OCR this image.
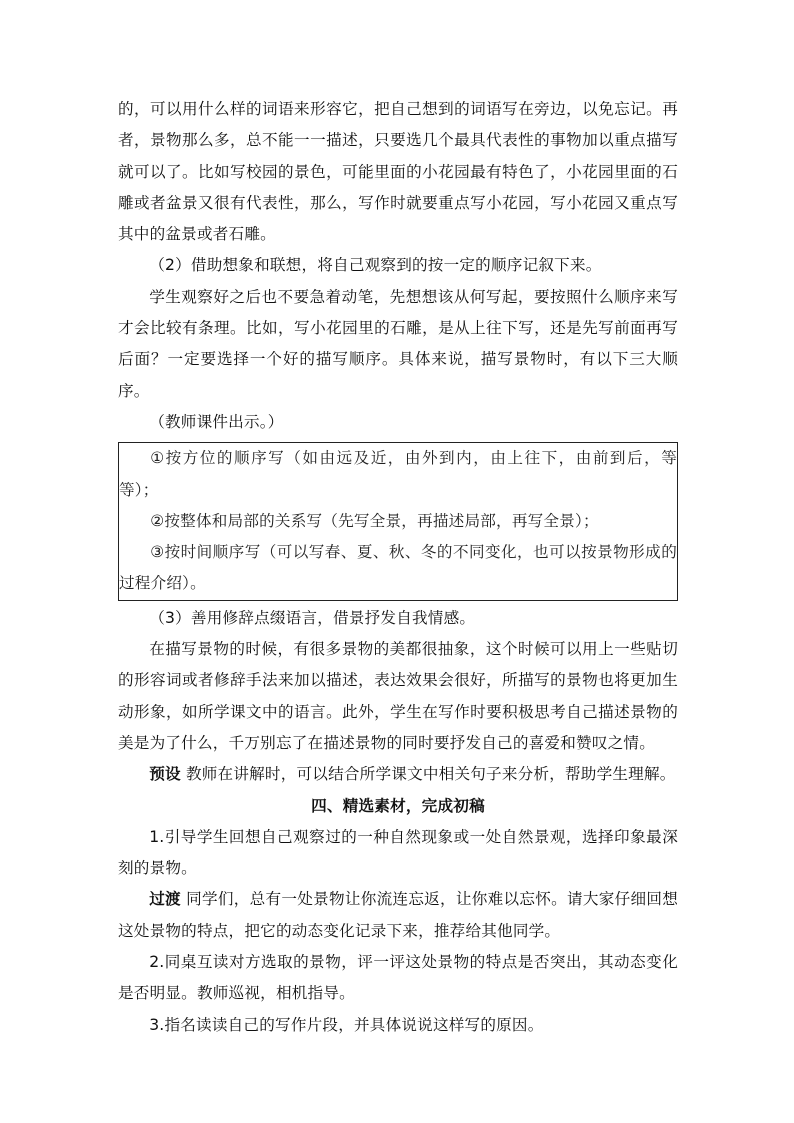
的，可以用什么样的词语来形容它，把自己想到的词语写在旁边，以免忘记。再者，景物那么多，总不能一一描述，只要选几个最具代表性的事物加以重点描写就可以了。比如写校园的景色，可能里面的小花园最有特色了，小花园里面的石雕或者盆景又很有代表性，那么，写作时就要重点写小花园，写小花园又重点写其中的盆景或者石雕。

（2）借助想象和联想，将自己观察到的按一定的顺序记叙下来。

学生观察好之后也不要急着动笔，先想想该从何写起，要按照什么顺序来写才会比较有条理。比如，写小花园里的石雕，是从上往下写，还是先写前面再写后面？一定要选择一个好的描写顺序。具体来说，描写景物时，有以下三大顺序。

（教师课件出示。）

①按方位的顺序写（如由远及近，由外到内，由上往下，由前到后，等等）；

②按整体和局部的关系写（先写全景，再描述局部，再写全景）；

③按时间顺序写（可以写春、夏、秋、冬的不同变化，也可以按景物形成的过程介绍）。

（3）善用修辞点缀语言，借景抒发自我情感。

在描写景物的时候，有很多景物的美都很抽象，这个时候可以用上一些贴切的形容词或者修辞手法来加以描述，表达效果会很好，所描写的景物也将更加生动形象，如所学课文中的语言。此外，学生在写作时要积极思考自己描述景物的美是为了什么，千万别忘了在描述景物的同时要抒发自己的喜爱和赞叹之情。

预设 教师在讲解时，可以结合所学课文中相关句子来分析，帮助学生理解。

四、精选素材，完成初稿

1.引导学生回想自己观察过的一种自然现象或一处自然景观，选择印象最深刻的景物。

过渡 同学们，总有一处景物让你流连忘返，让你难以忘怀。请大家仔细回想这处景物的特点，把它的动态变化记录下来，推荐给其他同学。

2.同桌互读对方选取的景物，评一评这处景物的特点是否突出，其动态变化是否明显。教师巡视，相机指导。

3.指名读读自己的写作片段，并具体说说这样写的原因。
